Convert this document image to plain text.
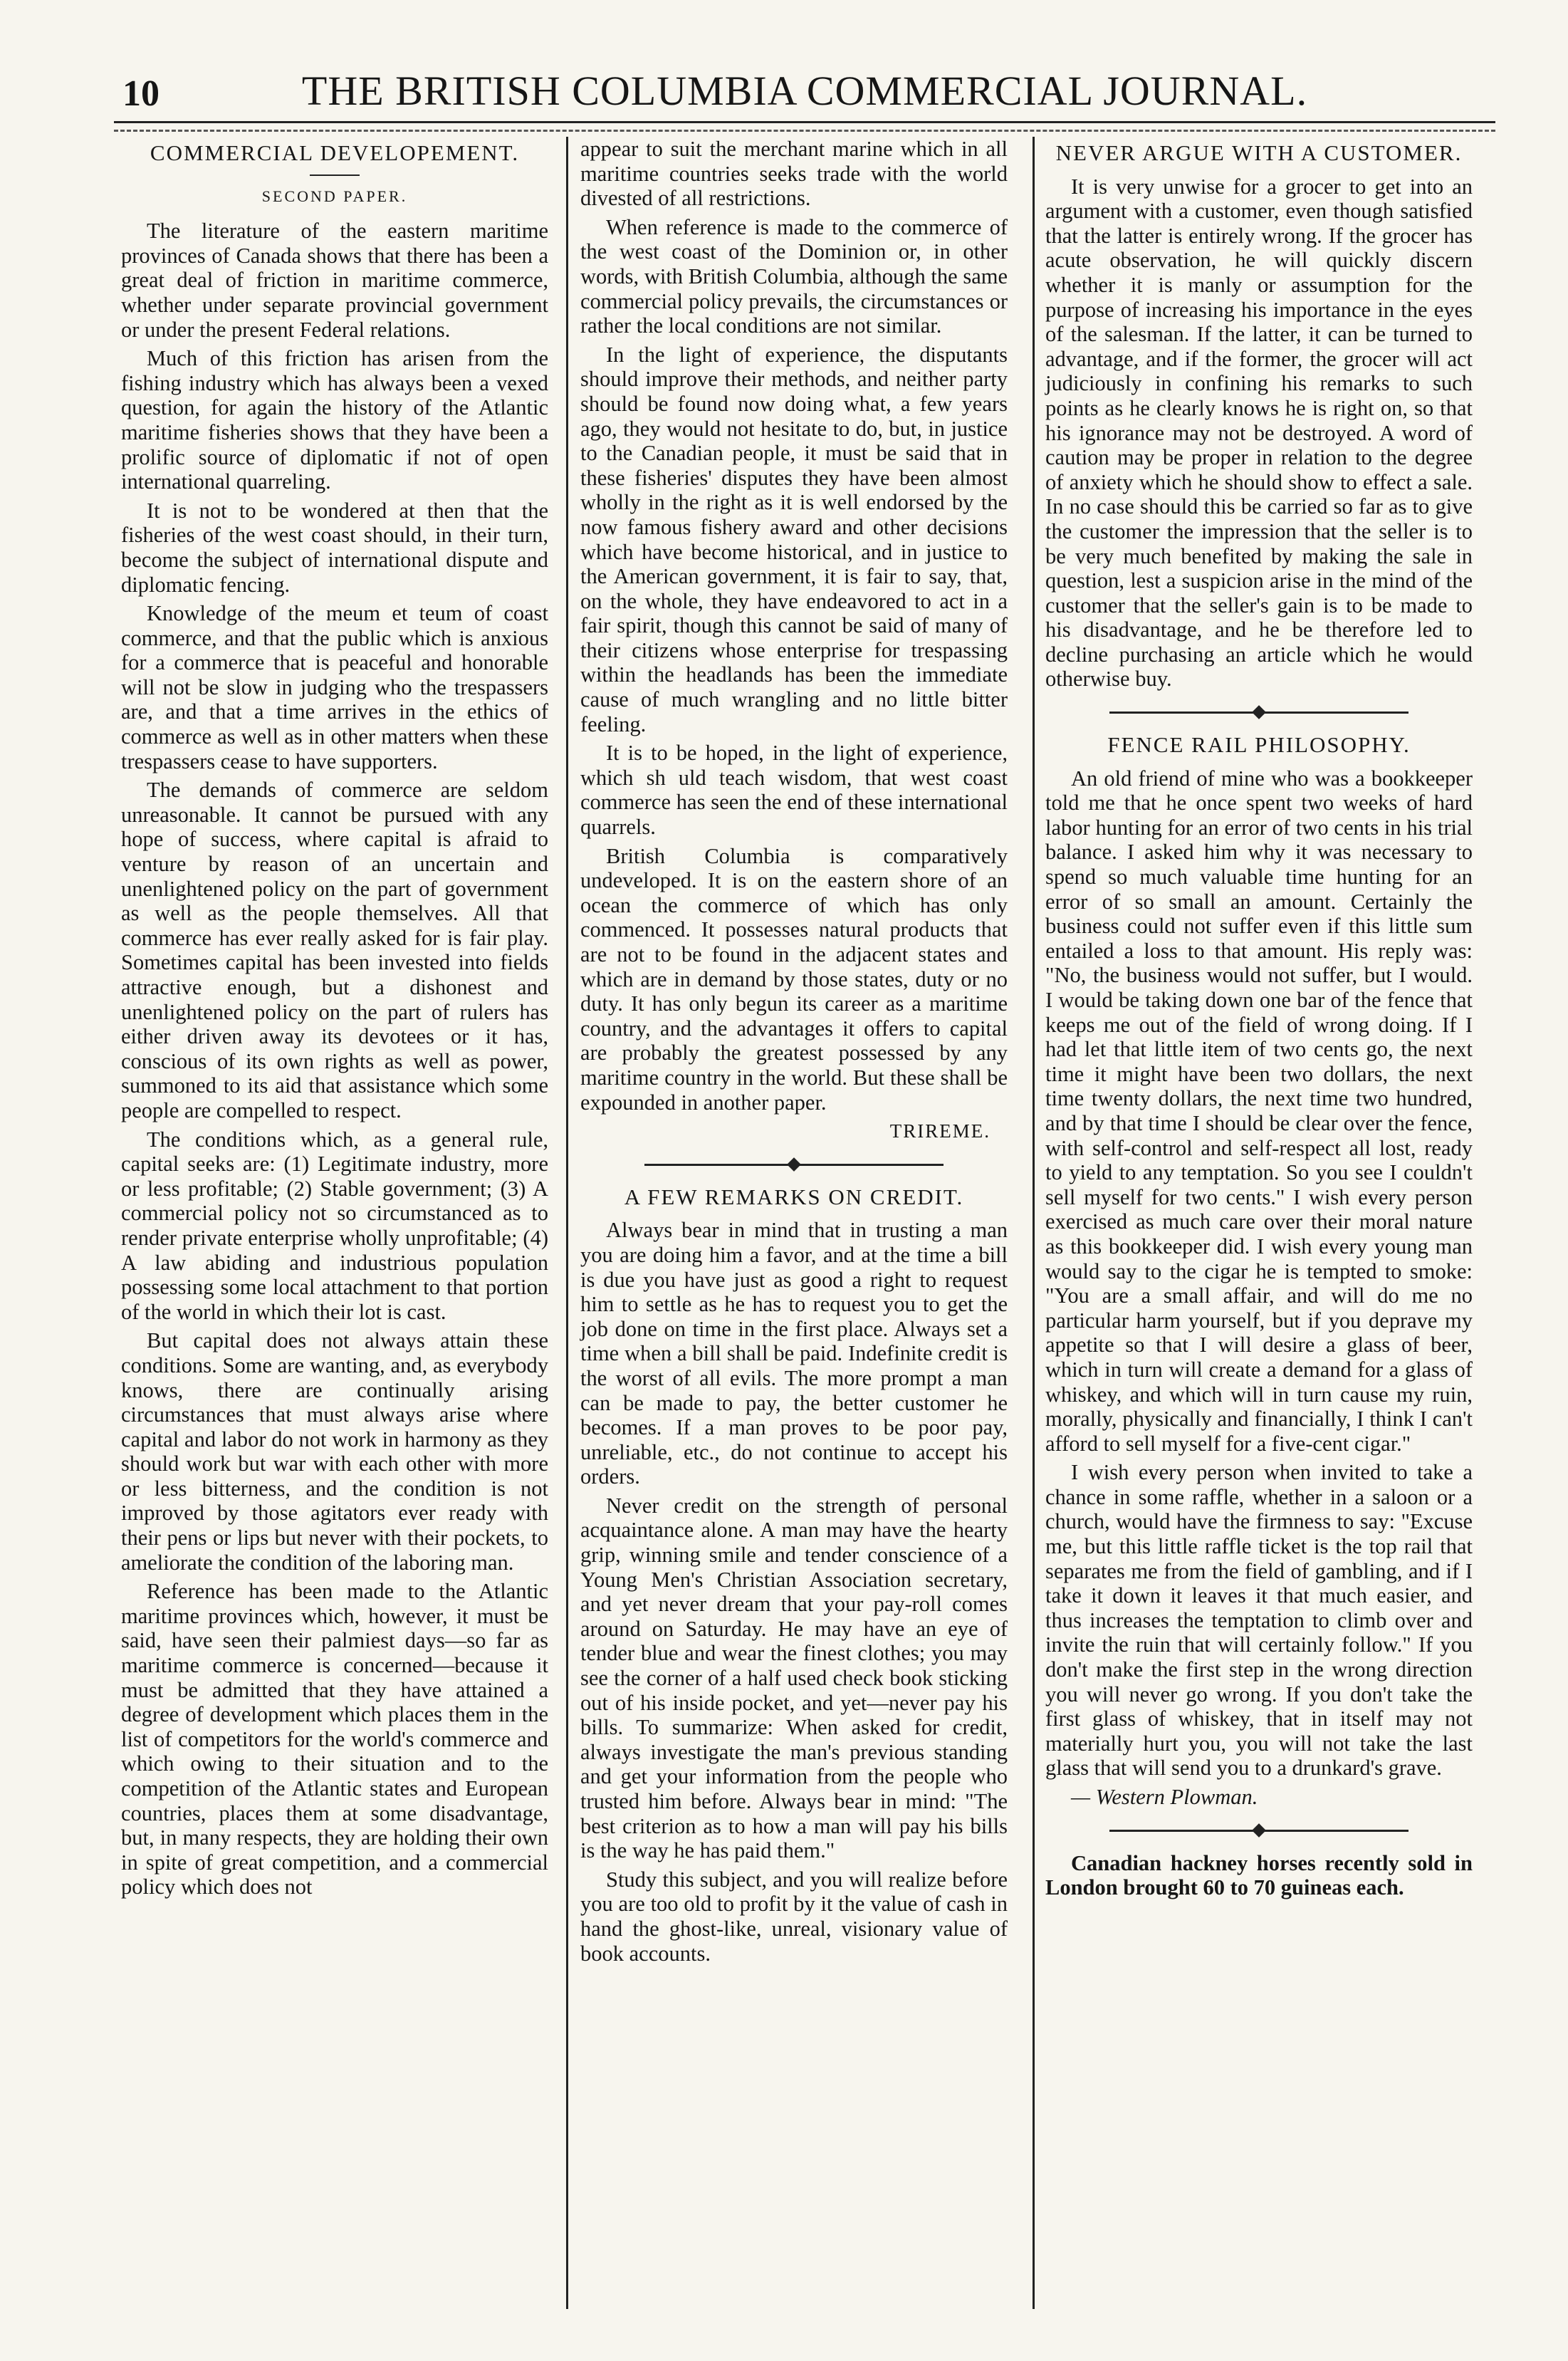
10	THE BRITISH COLUMBIA COMMERCIAL JOURNAL.
COMMERCIAL DEVELOPEMENT.
SECOND PAPER.

The literature of the eastern maritime provinces of Canada shows that there has been a great deal of friction in maritime commerce, whether under separate provincial government or under the present Federal relations.

Much of this friction has arisen from the fishing industry which has always been a vexed question, for again the history of the Atlantic maritime fisheries shows that they have been a prolific source of diplomatic if not of open international quarreling.

It is not to be wondered at then that the fisheries of the west coast should, in their turn, become the subject of international dispute and diplomatic fencing.

Knowledge of the meum et teum of coast commerce, and that the public which is anxious for a commerce that is peaceful and honorable will not be slow in judging who the trespassers are, and that a time arrives in the ethics of commerce as well as in other matters when these trespassers cease to have supporters.

The demands of commerce are seldom unreasonable. It cannot be pursued with any hope of success, where capital is afraid to venture by reason of an uncertain and unenlightened policy on the part of government as well as the people themselves. All that commerce has ever really asked for is fair play. Sometimes capital has been invested into fields attractive enough, but a dishonest and unenlightened policy on the part of rulers has either driven away its devotees or it has, conscious of its own rights as well as power, summoned to its aid that assistance which some people are compelled to respect.

The conditions which, as a general rule, capital seeks are: (1) Legitimate industry, more or less profitable; (2) Stable government; (3) A commercial policy not so circumstanced as to render private enterprise wholly unprofitable; (4) A law abiding and industrious population possessing some local attachment to that portion of the world in which their lot is cast.

But capital does not always attain these conditions. Some are wanting, and, as everybody knows, there are continually arising circumstances that must always arise where capital and labor do not work in harmony as they should work but war with each other with more or less bitterness, and the condition is not improved by those agitators ever ready with their pens or lips but never with their pockets, to ameliorate the condition of the laboring man.

Reference has been made to the Atlantic maritime provinces which, however, it must be said, have seen their palmiest days—so far as maritime commerce is concerned—because it must be admitted that they have attained a degree of development which places them in the list of competitors for the world's commerce and which owing to their situation and to the competition of the Atlantic states and European countries, places them at some disadvantage, but, in many respects, they are holding their own in spite of great competition, and a commercial policy which does not

appear to suit the merchant marine which in all maritime countries seeks trade with the world divested of all restrictions.

When reference is made to the commerce of the west coast of the Dominion or, in other words, with British Columbia, although the same commercial policy prevails, the circumstances or rather the local conditions are not similar.

In the light of experience, the disputants should improve their methods, and neither party should be found now doing what, a few years ago, they would not hesitate to do, but, in justice to the Canadian people, it must be said that in these fisheries' disputes they have been almost wholly in the right as it is well endorsed by the now famous fishery award and other decisions which have become historical, and in justice to the American government, it is fair to say, that, on the whole, they have endeavored to act in a fair spirit, though this cannot be said of many of their citizens whose enterprise for trespassing within the headlands has been the immediate cause of much wrangling and no little bitter feeling.

It is to be hoped, in the light of experience, which sh uld teach wisdom, that west coast commerce has seen the end of these international quarrels.

British Columbia is comparatively undeveloped. It is on the eastern shore of an ocean the commerce of which has only commenced. It possesses natural products that are not to be found in the adjacent states and which are in demand by those states, duty or no duty. It has only begun its career as a maritime country, and the advantages it offers to capital are probably the greatest possessed by any maritime country in the world. But these shall be expounded in another paper.

TRIREME.
A FEW REMARKS ON CREDIT.

Always bear in mind that in trusting a man you are doing him a favor, and at the time a bill is due you have just as good a right to request him to settle as he has to request you to get the job done on time in the first place. Always set a time when a bill shall be paid. Indefinite credit is the worst of all evils. The more prompt a man can be made to pay, the better customer he becomes. If a man proves to be poor pay, unreliable, etc., do not continue to accept his orders.

Never credit on the strength of personal acquaintance alone. A man may have the hearty grip, winning smile and tender conscience of a Young Men's Christian Association secretary, and yet never dream that your pay-roll comes around on Saturday. He may have an eye of tender blue and wear the finest clothes; you may see the corner of a half used check book sticking out of his inside pocket, and yet—never pay his bills. To summarize: When asked for credit, always investigate the man's previous standing and get your information from the people who trusted him before. Always bear in mind: "The best criterion as to how a man will pay his bills is the way he has paid them."

Study this subject, and you will realize before you are too old to profit by it the value of cash in hand the ghost-like, unreal, visionary value of book accounts.

NEVER ARGUE WITH A CUSTOMER.

It is very unwise for a grocer to get into an argument with a customer, even though satisfied that the latter is entirely wrong. If the grocer has acute observation, he will quickly discern whether it is manly or assumption for the purpose of increasing his importance in the eyes of the salesman. If the latter, it can be turned to advantage, and if the former, the grocer will act judiciously in confining his remarks to such points as he clearly knows he is right on, so that his ignorance may not be destroyed. A word of caution may be proper in relation to the degree of anxiety which he should show to effect a sale. In no case should this be carried so far as to give the customer the impression that the seller is to be very much benefited by making the sale in question, lest a suspicion arise in the mind of the customer that the seller's gain is to be made to his disadvantage, and he be therefore led to decline purchasing an article which he would otherwise buy.

FENCE RAIL PHILOSOPHY.

An old friend of mine who was a bookkeeper told me that he once spent two weeks of hard labor hunting for an error of two cents in his trial balance. I asked him why it was necessary to spend so much valuable time hunting for an error of so small an amount. Certainly the business could not suffer even if this little sum entailed a loss to that amount. His reply was: "No, the business would not suffer, but I would. I would be taking down one bar of the fence that keeps me out of the field of wrong doing. If I had let that little item of two cents go, the next time it might have been two dollars, the next time twenty dollars, the next time two hundred, and by that time I should be clear over the fence, with self-control and self-respect all lost, ready to yield to any temptation. So you see I couldn't sell myself for two cents." I wish every person exercised as much care over their moral nature as this bookkeeper did. I wish every young man would say to the cigar he is tempted to smoke: "You are a small affair, and will do me no particular harm yourself, but if you deprave my appetite so that I will desire a glass of beer, which in turn will create a demand for a glass of whiskey, and which will in turn cause my ruin, morally, physically and financially, I think I can't afford to sell myself for a five-cent cigar."

I wish every person when invited to take a chance in some raffle, whether in a saloon or a church, would have the firmness to say: "Excuse me, but this little raffle ticket is the top rail that separates me from the field of gambling, and if I take it down it leaves it that much easier, and thus increases the temptation to climb over and invite the ruin that will certainly follow." If you don't make the first step in the wrong direction you will never go wrong. If you don't take the first glass of whiskey, that in itself may not materially hurt you, you will not take the last glass that will send you to a drunkard's grave.

— Western Plowman.

Canadian hackney horses recently sold in London brought 60 to 70 guineas each.
